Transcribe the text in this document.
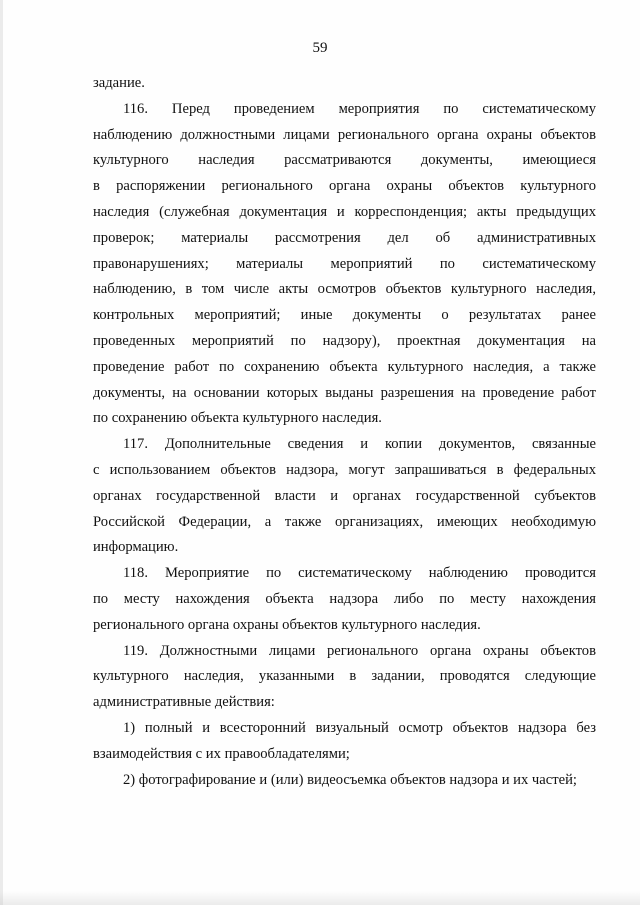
59
задание.
116. Перед проведением мероприятия по систематическому
наблюдению должностными лицами регионального органа охраны объектов
культурного наследия рассматриваются документы, имеющиеся
в распоряжении регионального органа охраны объектов культурного
наследия (служебная документация и корреспонденция; акты предыдущих
проверок; материалы рассмотрения дел об административных
правонарушениях; материалы мероприятий по систематическому
наблюдению, в том числе акты осмотров объектов культурного наследия,
контрольных мероприятий; иные документы о результатах ранее
проведенных мероприятий по надзору), проектная документация на
проведение работ по сохранению объекта культурного наследия, а также
документы, на основании которых выданы разрешения на проведение работ
по сохранению объекта культурного наследия.
117. Дополнительные сведения и копии документов, связанные
с использованием объектов надзора, могут запрашиваться в федеральных
органах государственной власти и органах государственной субъектов
Российской Федерации, а также организациях, имеющих необходимую
информацию.
118. Мероприятие по систематическому наблюдению проводится
по месту нахождения объекта надзора либо по месту нахождения
регионального органа охраны объектов культурного наследия.
119. Должностными лицами регионального органа охраны объектов
культурного наследия, указанными в задании, проводятся следующие
административные действия:
1) полный и всесторонний визуальный осмотр объектов надзора без
взаимодействия с их правообладателями;
2) фотографирование и (или) видеосъемка объектов надзора и их частей;
